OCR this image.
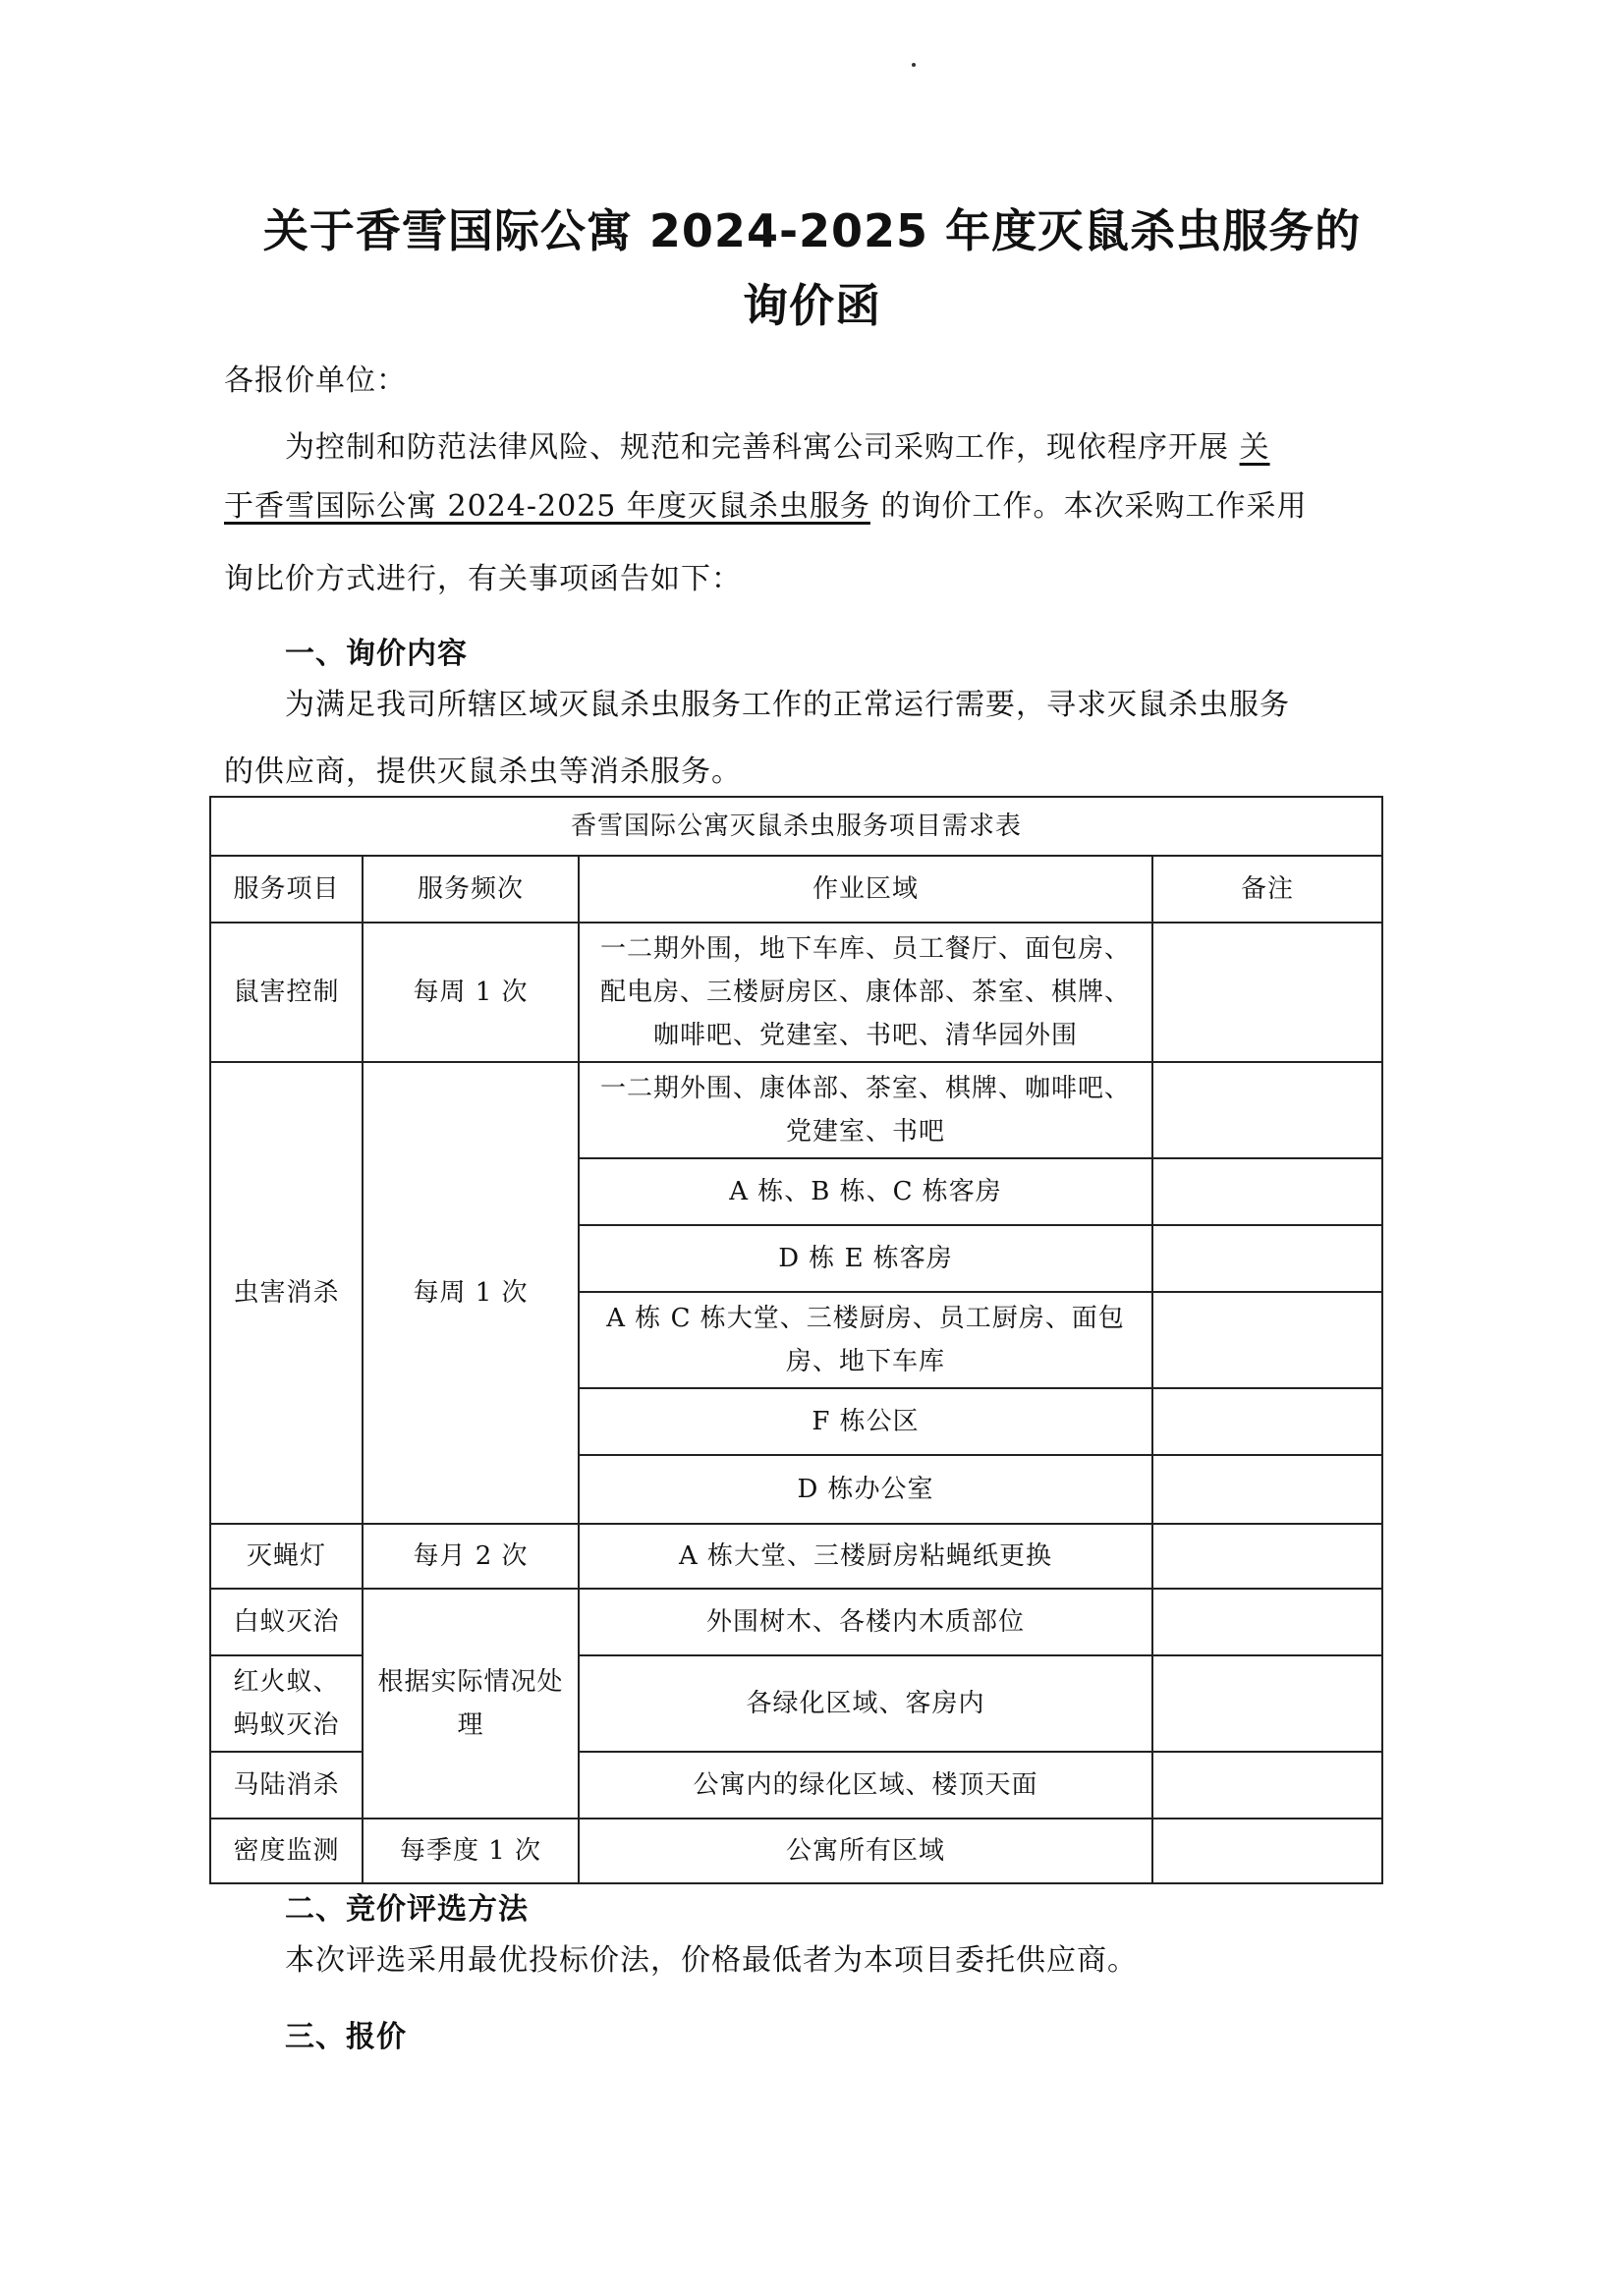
关于香雪国际公寓 2024-2025 年度灭鼠杀虫服务的
询价函

各报价单位：

为控制和防范法律风险、规范和完善科寓公司采购工作，现依程序开展 关

于香雪国际公寓 2024-2025 年度灭鼠杀虫服务 的询价工作。本次采购工作采用

询比价方式进行，有关事项函告如下：

一、询价内容

为满足我司所辖区域灭鼠杀虫服务工作的正常运行需要，寻求灭鼠杀虫服务

的供应商，提供灭鼠杀虫等消杀服务。

香雪国际公寓灭鼠杀虫服务项目需求表			
服务项目	服务频次	作业区域	备注
鼠害控制	每周 1 次	一二期外围，地下车库、员工餐厅、面包房、配电房、三楼厨房区、康体部、茶室、棋牌、咖啡吧、党建室、书吧、清华园外围	
虫害消杀	每周 1 次	一二期外围、康体部、茶室、棋牌、咖啡吧、党建室、书吧	
		A 栋、B 栋、C 栋客房	
		D 栋 E 栋客房	
		A 栋 C 栋大堂、三楼厨房、员工厨房、面包房、地下车库	
		F 栋公区	
		D 栋办公室	
灭蝇灯	每月 2 次	A 栋大堂、三楼厨房粘蝇纸更换	
白蚁灭治	根据实际情况处理	外围树木、各楼内木质部位	
红火蚁、蚂蚁灭治		各绿化区域、客房内	
马陆消杀		公寓内的绿化区域、楼顶天面	
密度监测	每季度 1 次	公寓所有区域	
二、竞价评选方法

本次评选采用最优投标价法，价格最低者为本项目委托供应商。

三、报价
